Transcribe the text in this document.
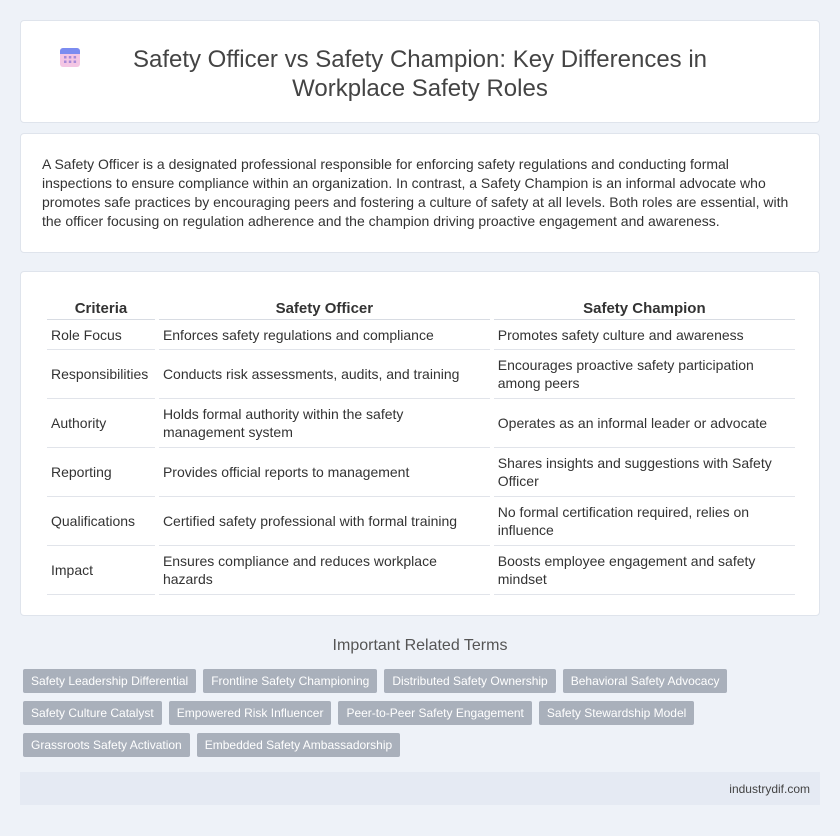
Safety Officer vs Safety Champion: Key Differences in Workplace Safety Roles

A Safety Officer is a designated professional responsible for enforcing safety regulations and conducting formal inspections to ensure compliance within an organization. In contrast, a Safety Champion is an informal advocate who promotes safe practices by encouraging peers and fostering a culture of safety at all levels. Both roles are essential, with the officer focusing on regulation adherence and the champion driving proactive engagement and awareness.

Criteria	Safety Officer	Safety Champion
Role Focus	Enforces safety regulations and compliance	Promotes safety culture and awareness
Responsibilities	Conducts risk assessments, audits, and training	Encourages proactive safety participation among peers
Authority	Holds formal authority within the safety management system	Operates as an informal leader or advocate
Reporting	Provides official reports to management	Shares insights and suggestions with Safety Officer
Qualifications	Certified safety professional with formal training	No formal certification required, relies on influence
Impact	Ensures compliance and reduces workplace hazards	Boosts employee engagement and safety mindset
Important Related Terms
Safety Leadership Differential	Frontline Safety Championing	Distributed Safety Ownership	Behavioral Safety Advocacy
Safety Culture Catalyst	Empowered Risk Influencer	Peer-to-Peer Safety Engagement	Safety Stewardship Model
Grassroots Safety Activation	Embedded Safety Ambassadorship
industrydif.com
